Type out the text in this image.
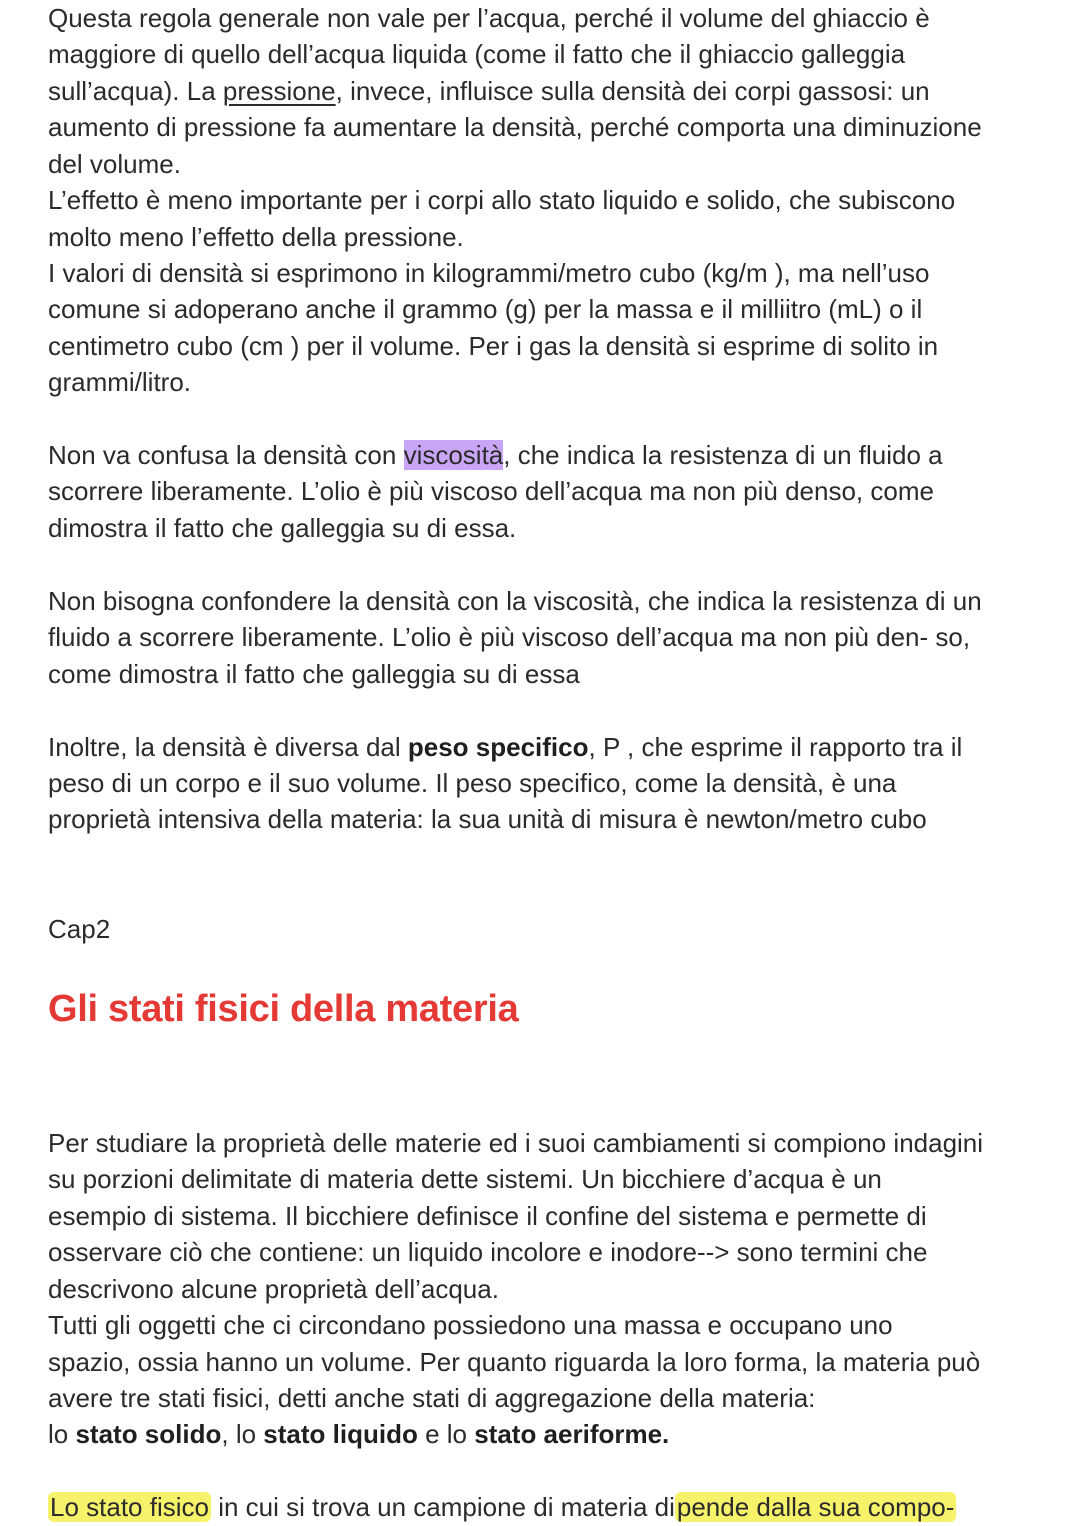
Questa regola generale non vale per l’acqua, perché il volume del ghiaccio è
maggiore di quello dell’acqua liquida (come il fatto che il ghiaccio galleggia
sull’acqua). La pressione, invece, influisce sulla densità dei corpi gassosi: un
aumento di pressione fa aumentare la densità, perché comporta una diminuzione
del volume.
L’effetto è meno importante per i corpi allo stato liquido e solido, che subiscono
molto meno l’effetto della pressione.
I valori di densità si esprimono in kilogrammi/metro cubo (kg/m ), ma nell’uso
comune si adoperano anche il grammo (g) per la massa e il milliitro (mL) o il
centimetro cubo (cm ) per il volume. Per i gas la densità si esprime di solito in
grammi/litro.
Non va confusa la densità con viscosità, che indica la resistenza di un fluido a
scorrere liberamente. L’olio è più viscoso dell’acqua ma non più denso, come
dimostra il fatto che galleggia su di essa.
Non bisogna confondere la densità con la viscosità, che indica la resistenza di un
fluido a scorrere liberamente. L’olio è più viscoso dell’acqua ma non più den- so,
come dimostra il fatto che galleggia su di essa
Inoltre, la densità è diversa dal peso specifico, P , che esprime il rapporto tra il
peso di un corpo e il suo volume. Il peso specifico, come la densità, è una
proprietà intensiva della materia: la sua unità di misura è newton/metro cubo
Cap2
Gli stati fisici della materia
Per studiare la proprietà delle materie ed i suoi cambiamenti si compiono indagini
su porzioni delimitate di materia dette sistemi. Un bicchiere d’acqua è un
esempio di sistema. Il bicchiere definisce il confine del sistema e permette di
osservare ciò che contiene: un liquido incolore e inodore--> sono termini che
descrivono alcune proprietà dell’acqua.
Tutti gli oggetti che ci circondano possiedono una massa e occupano uno
spazio, ossia hanno un volume. Per quanto riguarda la loro forma, la materia può
avere tre stati fisici, detti anche stati di aggregazione della materia:
lo stato solido, lo stato liquido e lo stato aeriforme.
Lo stato fisico in cui si trova un campione di materia dipende dalla sua compo-
